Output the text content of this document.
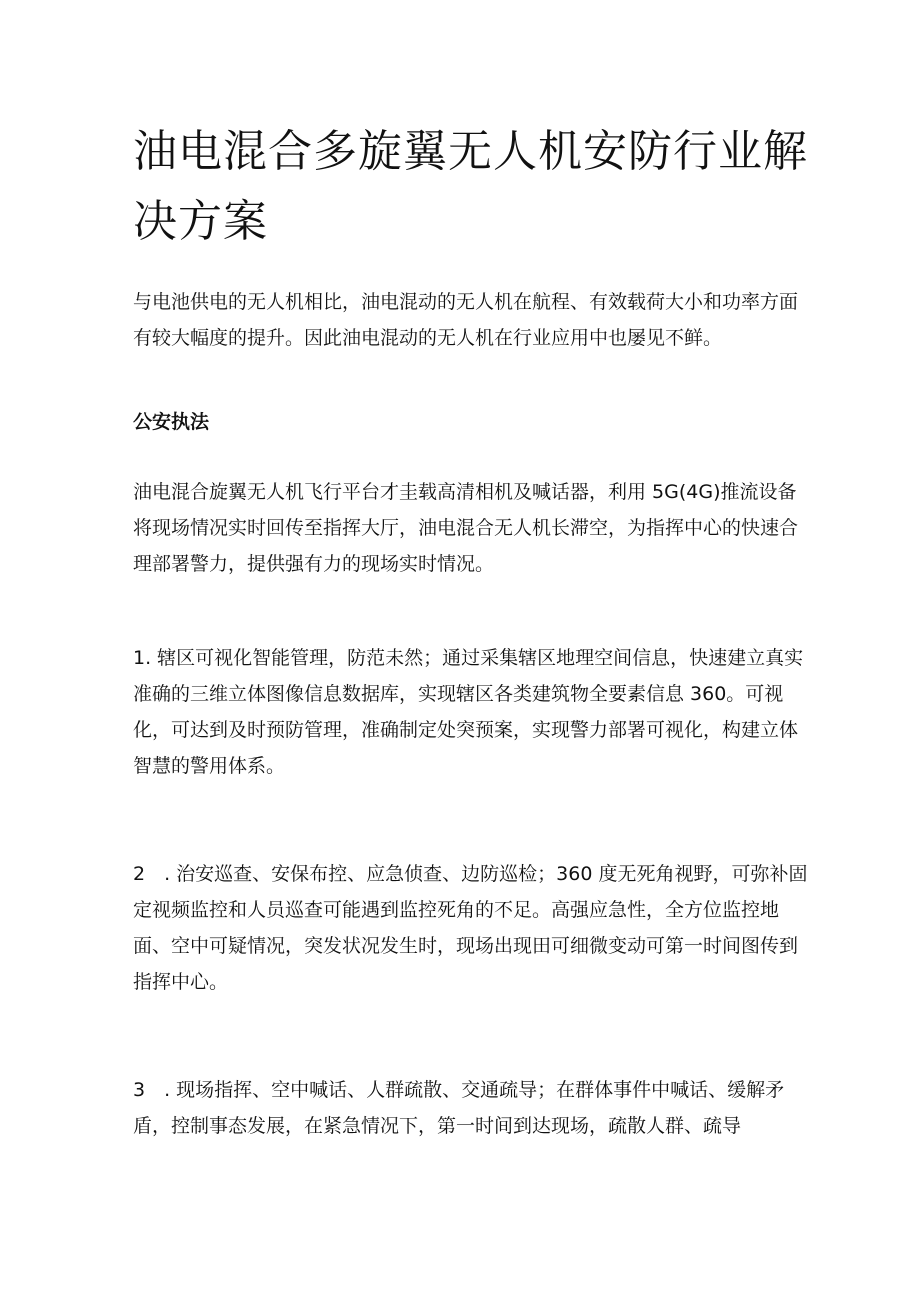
油电混合多旋翼无人机安防行业解决方案

与电池供电的无人机相比，油电混动的无人机在航程、有效载荷大小和功率方面有较大幅度的提升。因此油电混动的无人机在行业应用中也屡见不鲜。

公安执法

油电混合旋翼无人机飞行平台才圭载高清相机及喊话器，利用 5G(4G)推流设备将现场情况实时回传至指挥大厅，油电混合无人机长滞空，为指挥中心的快速合理部署警力，提供强有力的现场实时情况。

1. 辖区可视化智能管理，防范未然；通过采集辖区地理空间信息，快速建立真实准确的三维立体图像信息数据库，实现辖区各类建筑物全要素信息 360。可视化，可达到及时预防管理，准确制定处突预案，实现警力部署可视化，构建立体智慧的警用体系。

2　. 治安巡查、安保布控、应急侦查、边防巡检；360 度无死角视野，可弥补固定视频监控和人员巡查可能遇到监控死角的不足。高强应急性，全方位监控地面、空中可疑情况，突发状况发生时，现场出现田可细微变动可第一时间图传到指挥中心。

3　. 现场指挥、空中喊话、人群疏散、交通疏导；在群体事件中喊话、缓解矛盾，控制事态发展，在紧急情况下，第一时间到达现场，疏散人群、疏导
